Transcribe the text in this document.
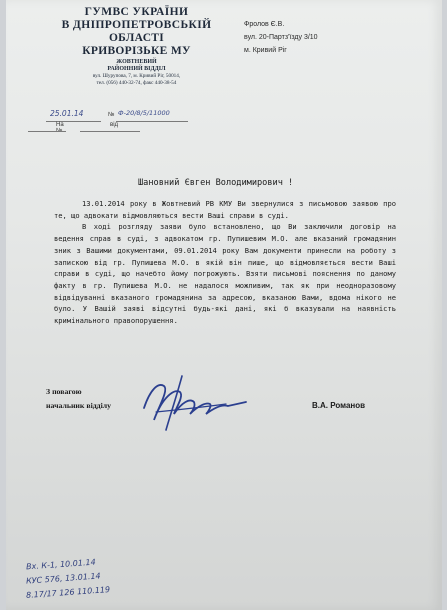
ГУМВС УКРАЇНИ
В ДНІПРОПЕТРОВСЬКІЙ
ОБЛАСТІ
КРИВОРІЗЬКЕ МУ
ЖОВТНЕВИЙ
РАЙОННИЙ ВІДДІЛ
вул. Шурупова, 7, м. Кривий Ріг, 50014,
тел. (056) 440-32-74, факс 440-38-54
25.01.14	№ Ф-20/8/5/11000
На №
від
Фролов Є.В.
вул. 20-Партз'їзду 3/10
м. Кривий Ріг
Шановний Євген Володимирович !

13.01.2014 року в Жовтневий РВ КМУ Ви звернулися з письмовою заявою про те, що адвокати відмовляються вести Ваші справи в суді.

В ході розгляду заяви було встановлено, що Ви заключили договір на ведення справ в суді, з адвокатом гр. Пупишевим М.О. але вказаний громадянин зник з Вашими документами, 09.01.2014 року Вам документи принесли на роботу з запискою від гр. Пупишева М.О. в якій він пише, що відмовляється вести Ваші справи в суді, що начебто йому погрожують. Взяти письмові пояснення по даному факту в гр. Пупишева М.О. не надалося можливим, так як при неодноразовому відвідуванні вказаного громадянина за адресою, вказаною Вами, вдома нікого не було. У Вашій заяві відсутні будь-які дані, які б вказували на наявність кримінального правопорушення.

З повагою
начальник відділу	В.А. Романов
Вх. К-1, 10.01.14
КУС 576, 13.01.14
8.17/17 126 110.119
